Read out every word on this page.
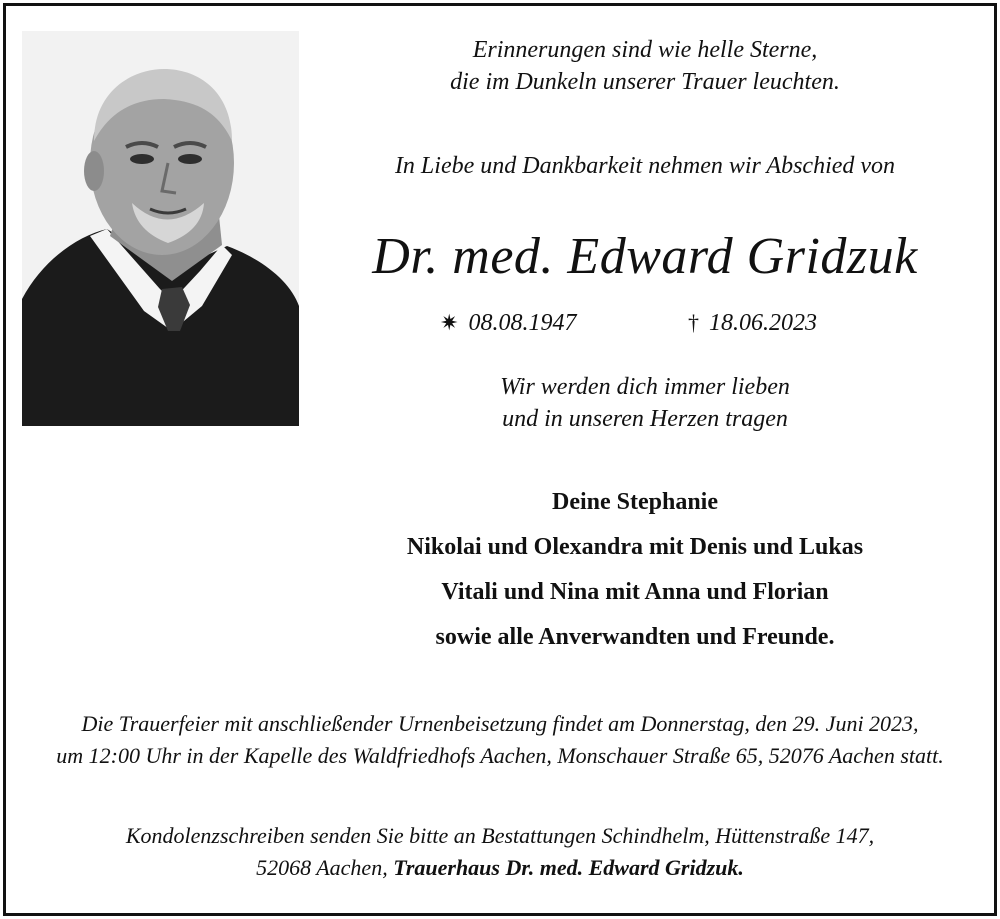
Erinnerungen sind wie helle Sterne,
die im Dunkeln unserer Trauer leuchten.
In Liebe und Dankbarkeit nehmen wir Abschied von
Dr. med. Edward Gridzuk
✷ 08.08.1947	† 18.06.2023
Wir werden dich immer lieben
und in unseren Herzen tragen
Deine Stephanie
Nikolai und Olexandra mit Denis und Lukas
Vitali und Nina mit Anna und Florian
sowie alle Anverwandten und Freunde.
Die Trauerfeier mit anschließender Urnenbeisetzung findet am Donnerstag, den 29. Juni 2023,
um 12:00 Uhr in der Kapelle des Waldfriedhofs Aachen, Monschauer Straße 65, 52076 Aachen statt.
Kondolenzschreiben senden Sie bitte an Bestattungen Schindhelm, Hüttenstraße 147,
52068 Aachen, Trauerhaus Dr. med. Edward Gridzuk.
